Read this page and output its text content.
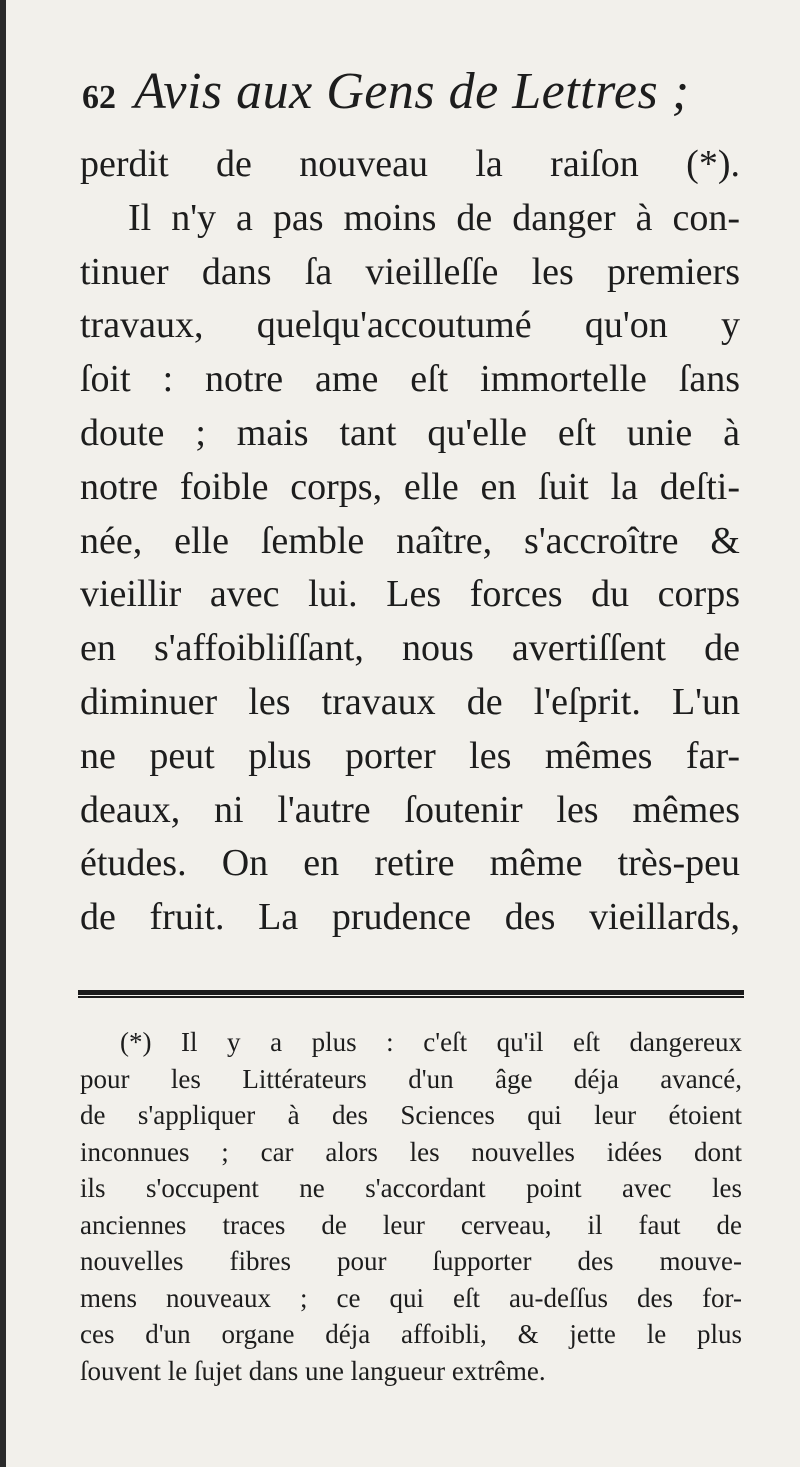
62 Avis aux Gens de Lettres ;
perdit de nouveau la raiſon (*).
Il n'y a pas moins de danger à con-
tinuer dans ſa vieilleſſe les premiers
travaux, quelqu'accoutumé qu'on y
ſoit : notre ame eſt immortelle ſans
doute ; mais tant qu'elle eſt unie à
notre foible corps, elle en ſuit la deſti-
née, elle ſemble naître, s'accroître &
vieillir avec lui. Les forces du corps
en s'affoibliſſant, nous avertiſſent de
diminuer les travaux de l'eſprit. L'un
ne peut plus porter les mêmes far-
deaux, ni l'autre ſoutenir les mêmes
études. On en retire même très-peu
de fruit. La prudence des vieillards,
(*) Il y a plus : c'eſt qu'il eſt dangereux
pour les Littérateurs d'un âge déja avancé,
de s'appliquer à des Sciences qui leur étoient
inconnues ; car alors les nouvelles idées dont
ils s'occupent ne s'accordant point avec les
anciennes traces de leur cerveau, il faut de
nouvelles fibres pour ſupporter des mouve-
mens nouveaux ; ce qui eſt au-deſſus des for-
ces d'un organe déja affoibli, & jette le plus
ſouvent le ſujet dans une langueur extrême.
